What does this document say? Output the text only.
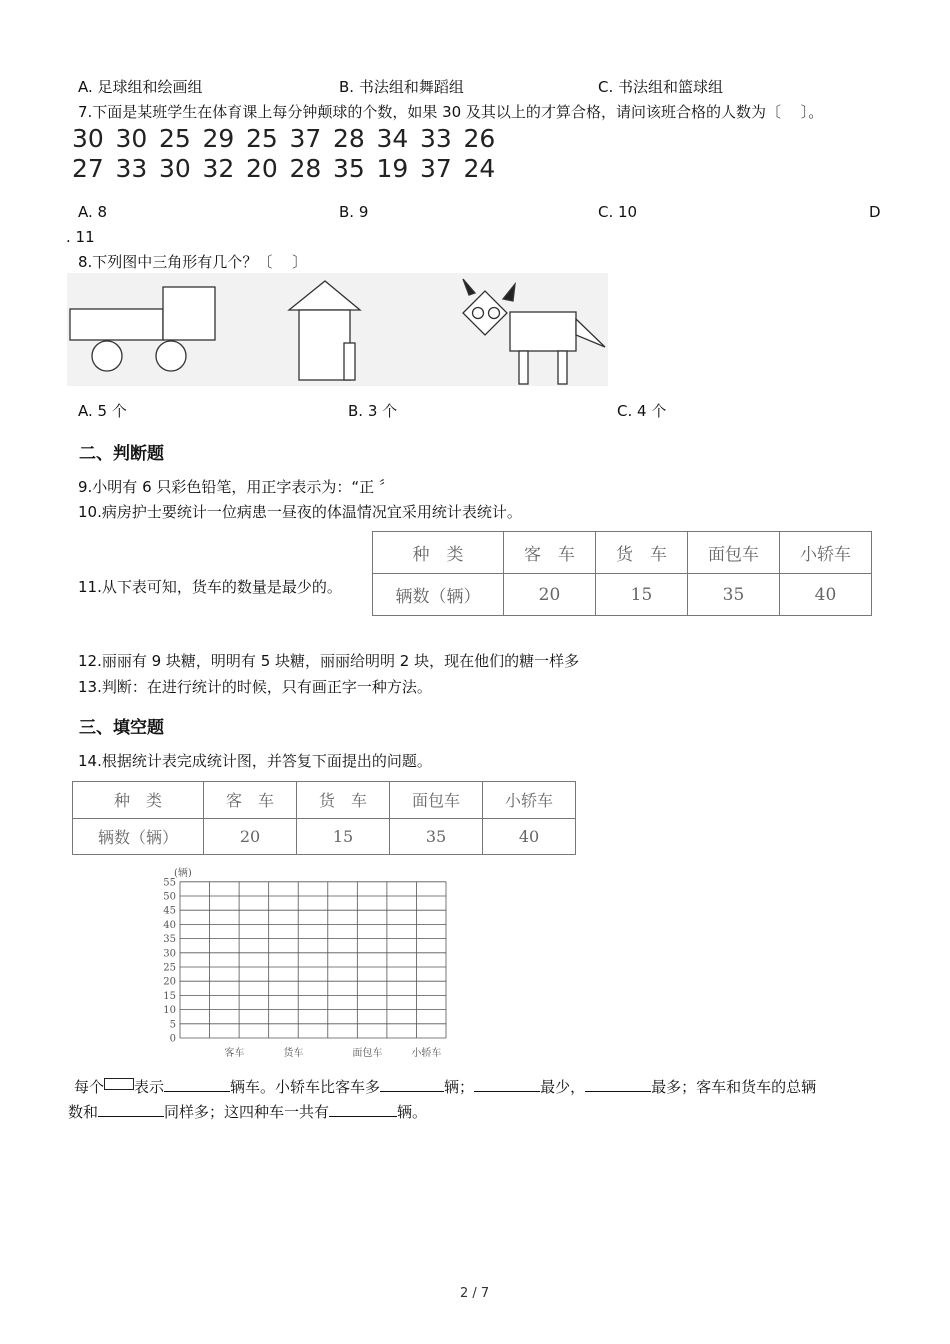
A. 足球组和绘画组	B. 书法组和舞蹈组	C. 书法组和篮球组
7.下面是某班学生在体育课上每分钟颠球的个数，如果 30 及其以上的才算合格，请问该班合格的人数为〔　 〕。
30 30 25 29 25 37 28 34 33 26
27 33 30 32 20 28 35 19 37 24
A. 8	B. 9	C. 10	D
. 11
8.下列图中三角形有几个？〔　 〕
A. 5 个	B. 3 个	C. 4 个
二、判断题
9.小明有 6 只彩色铅笔，用正字表示为：“正 〞
10.病房护士要统计一位病患一昼夜的体温情况宜采用统计表统计。
11.从下表可知，货车的数量是最少的。
种　类	客　车	货　车	面包车	小轿车
辆数（辆）	20	15	35	40
12.丽丽有 9 块糖，明明有 5 块糖，丽丽给明明 2 块，现在他们的糖一样多
13.判断：在进行统计的时候，只有画正字一种方法。
三、填空题
14.根据统计表完成统计图，并答复下面提出的问题。
种　类	客　车	货　车	面包车	小轿车
辆数（辆）	20	15	35	40
0
5
10
15
20
25
30
35
40
45
50
55
(辆)
客车	货车	面包车	小轿车
每个 表示	辆车。小轿车比客车多	辆；	最少，	最多；客车和货车的总辆
数和	同样多；这四种车一共有	辆。
2 / 7
